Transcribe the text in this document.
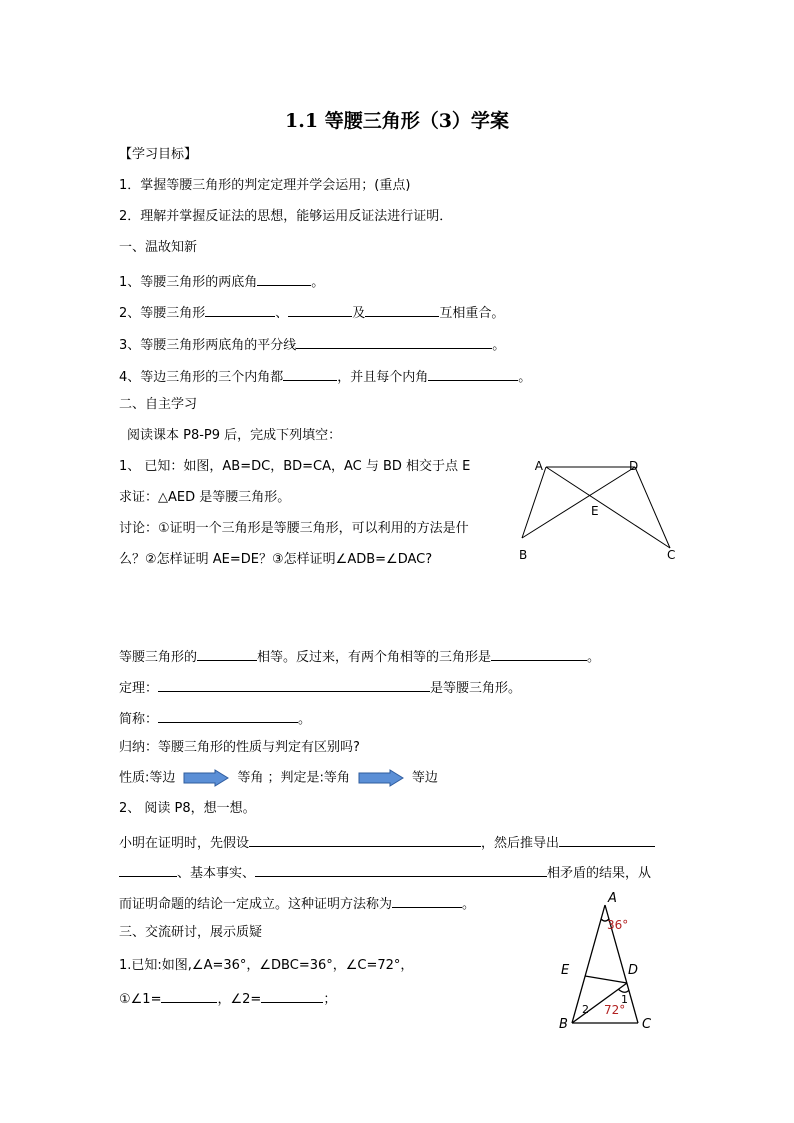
1.1 等腰三角形（3）学案
【学习目标】
1．掌握等腰三角形的判定定理并学会运用；(重点)
2．理解并掌握反证法的思想，能够运用反证法进行证明．
一、温故知新
1、等腰三角形的两底角	。
2、等腰三角形	、	及	互相重合。
3、等腰三角形两底角的平分线	。
4、等边三角形的三个内角都	，并且每个内角	。
二、自主学习
阅读课本 P8-P9 后，完成下列填空：
1、 已知：如图，AB=DC，BD=CA，AC 与 BD 相交于点 E
求证：△AED 是等腰三角形。
讨论：①证明一个三角形是等腰三角形，可以利用的方法是什
么？②怎样证明 AE=DE？③怎样证明∠ADB=∠DAC?
A	D
E
B	C
等腰三角形的	相等。反过来，有两个角相等的三角形是	。
定理：	是等腰三角形。
简称：	。
归纳：等腰三角形的性质与判定有区别吗?
性质:等边	等角 ；判定是:等角	等边
2、 阅读 P8，想一想。
小明在证明时，先假设	，然后推导出
、基本事实、	相矛盾的结果，从
而证明命题的结论一定成立。这种证明方法称为	。
三、交流研讨，展示质疑
1.已知:如图,∠A=36°，∠DBC=36°，∠C=72°，
①∠1=	，∠2=	；
A
36°
E	D
1
2 72°
B	C
